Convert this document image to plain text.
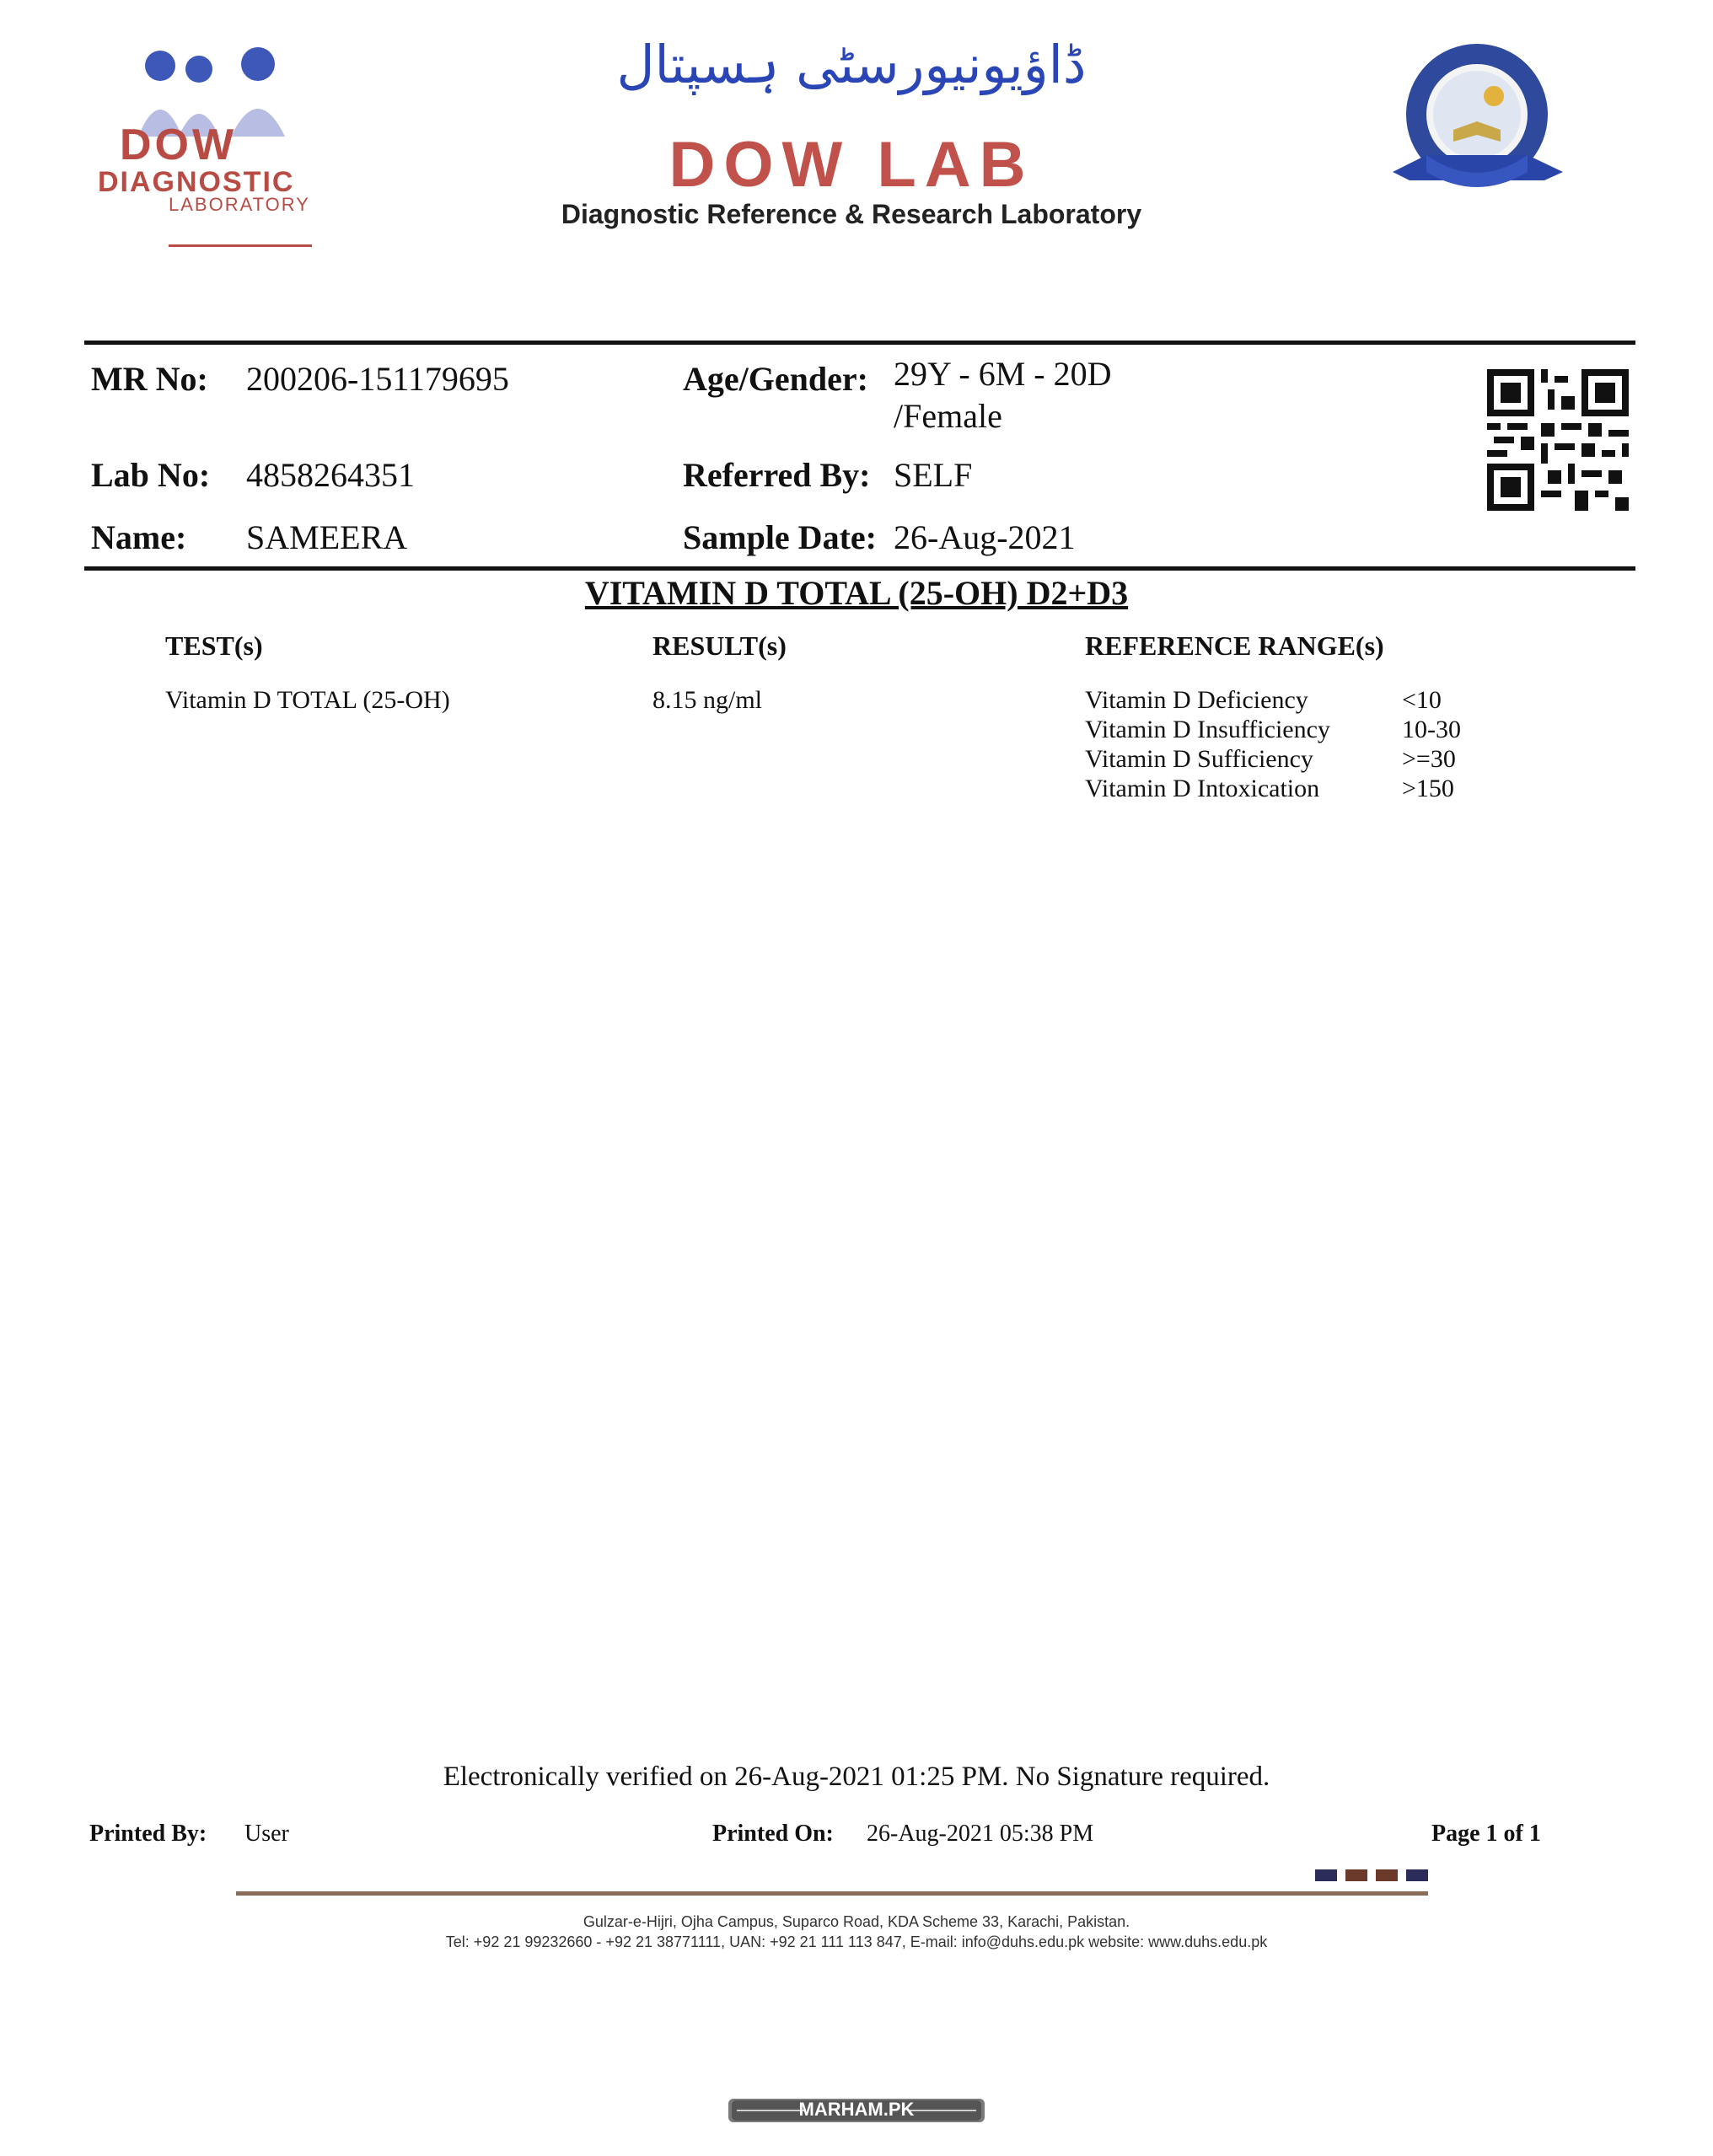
DOW
DIAGNOSTIC
LABORATORY
ڈاؤیونیورسٹی ہسپتال
DOW LAB
Diagnostic Reference & Research Laboratory
MR No: 200206-151179695
Lab No: 4858264351
Name: SAMEERA
Age/Gender: 29Y - 6M - 20D
/Female
Referred By: SELF
Sample Date: 26-Aug-2021
VITAMIN D TOTAL (25-OH) D2+D3
TEST(s)	RESULT(s)	REFERENCE RANGE(s)
Vitamin D TOTAL (25-OH)	8.15 ng/ml	Vitamin D Deficiency	<10
Vitamin D Insufficiency	10-30
Vitamin D Sufficiency	>=30
Vitamin D Intoxication	>150
Electronically verified on 26-Aug-2021 01:25 PM. No Signature required.
Printed By: User	Printed On: 26-Aug-2021 05:38 PM	Page 1 of 1
Gulzar-e-Hijri, Ojha Campus, Suparco Road, KDA Scheme 33, Karachi, Pakistan.
Tel: +92 21 99232660 - +92 21 38771111, UAN: +92 21 111 113 847, E-mail: info@duhs.edu.pk website: www.duhs.edu.pk
MARHAM.PK
